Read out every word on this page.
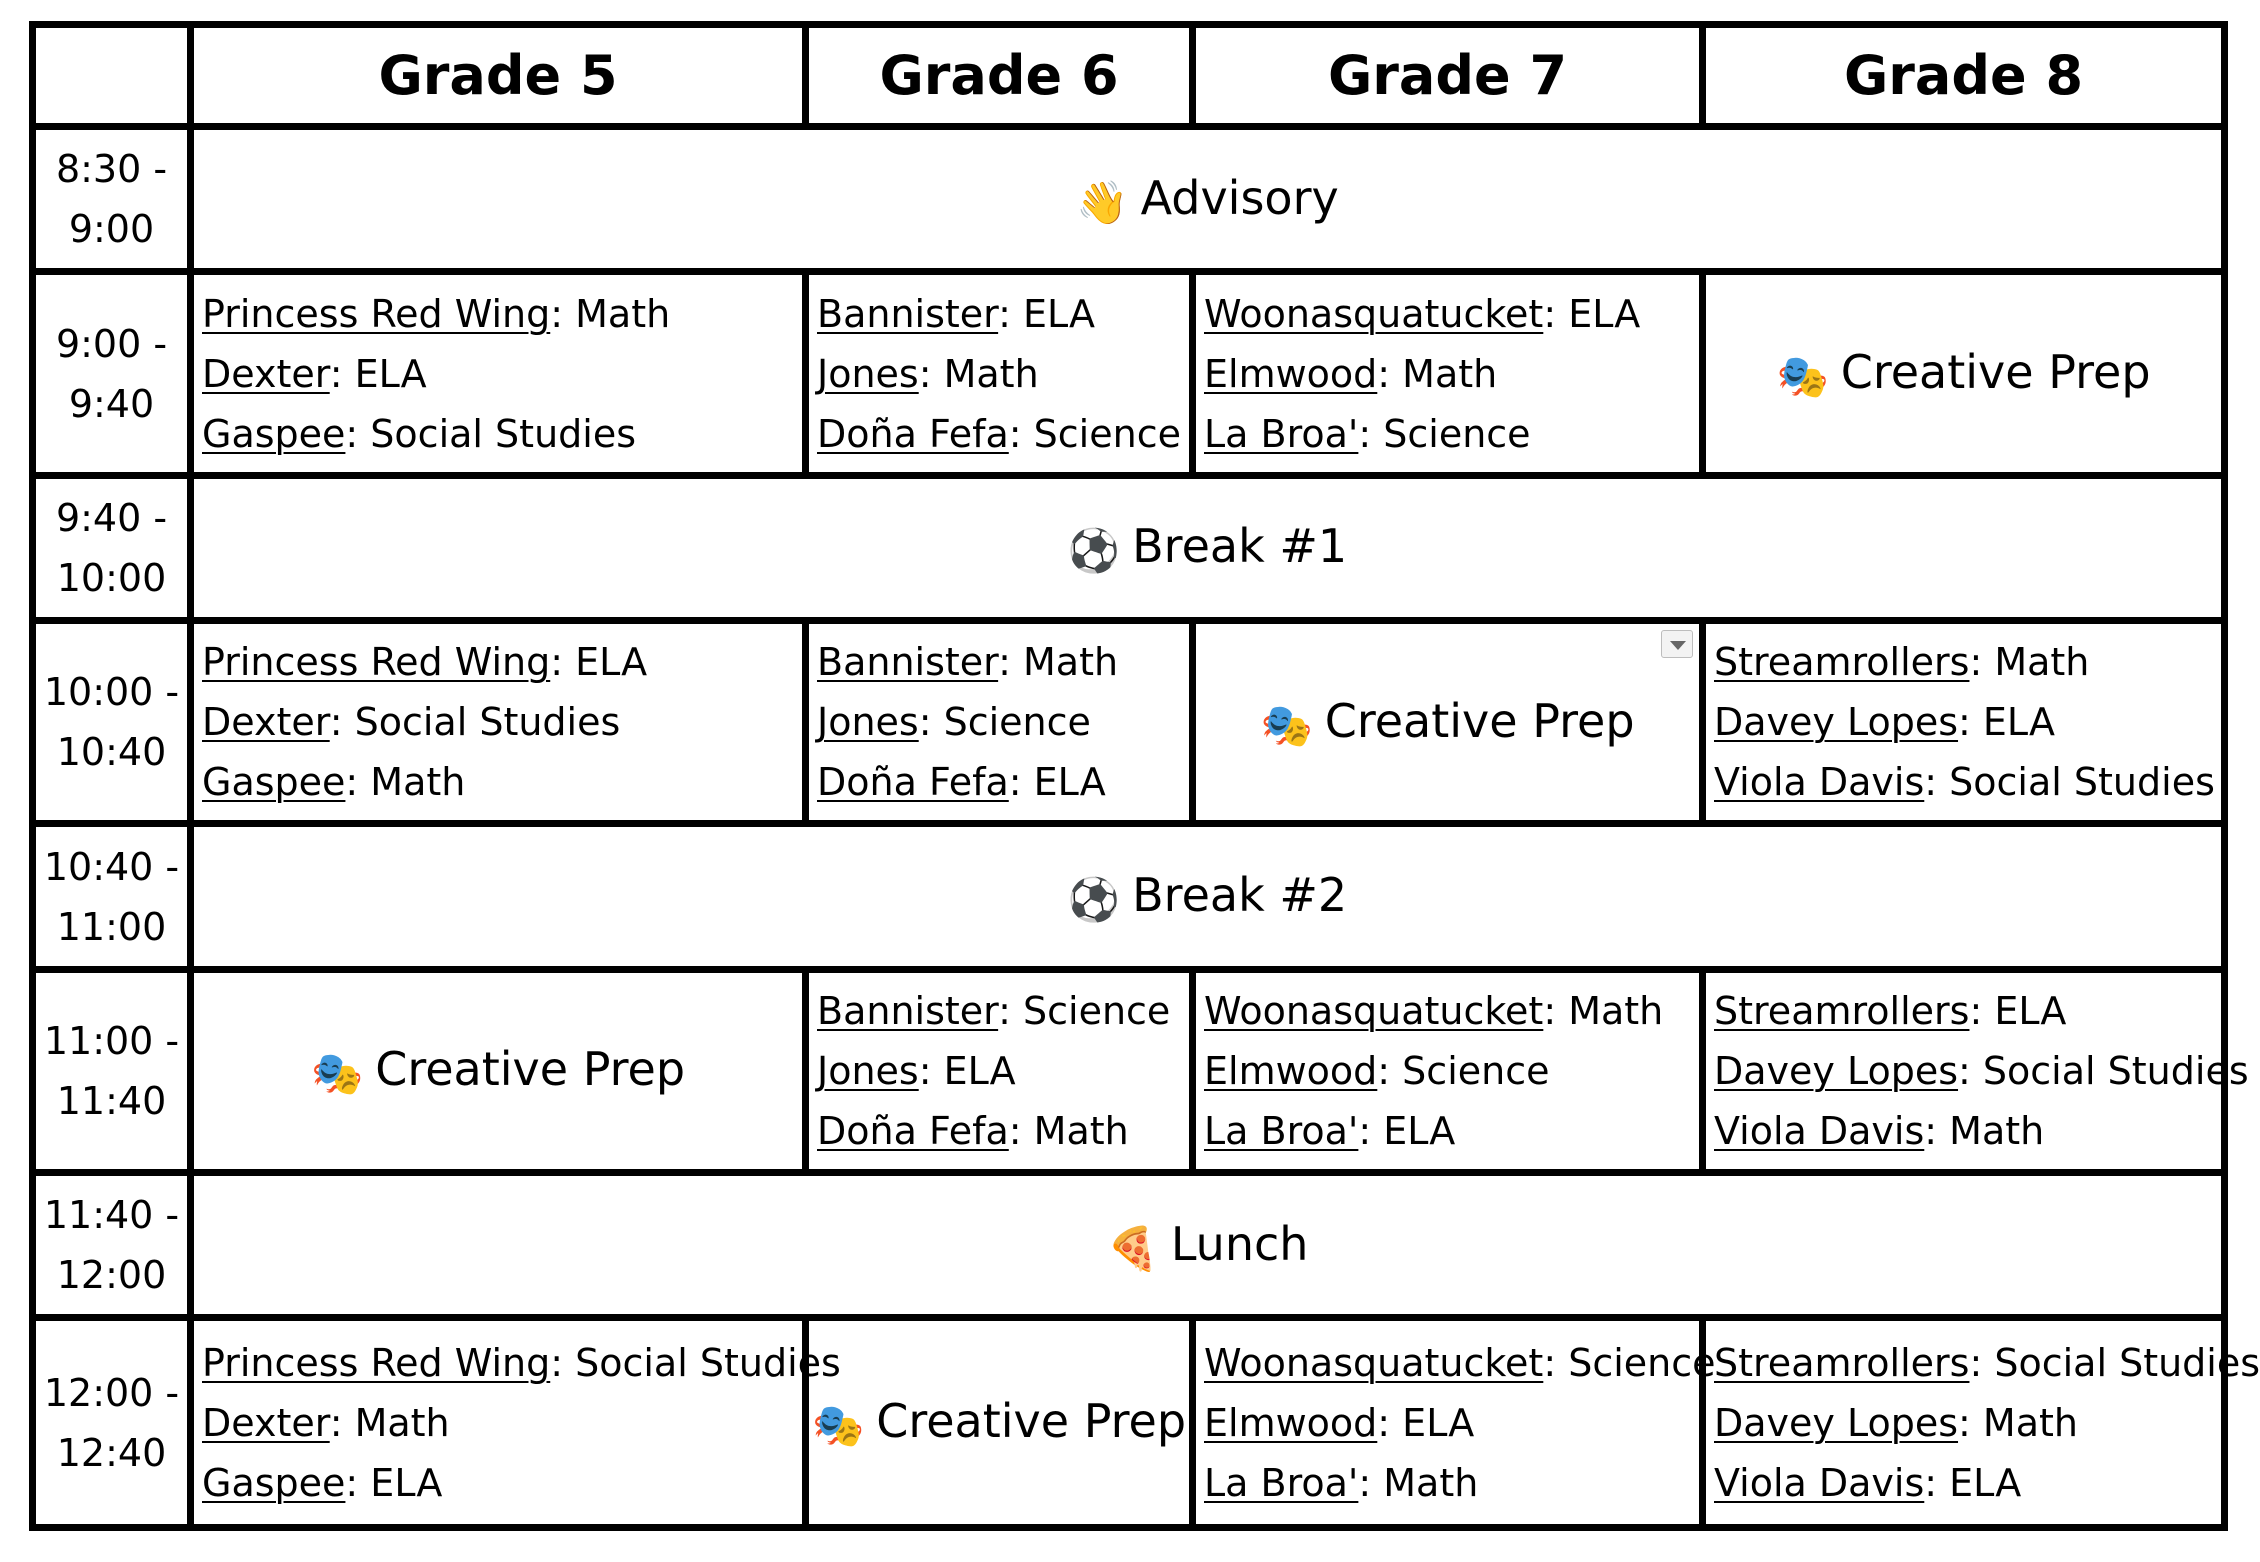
	Grade 5	Grade 6	Grade 7	Grade 8

8:30 -
9:00	👋 Advisory			

9:00 -
9:40	Princess Red Wing: Math
Dexter: ELA
Gaspee: Social Studies	Bannister: ELA
Jones: Math
Doña Fefa: Science	Woonasquatucket: ELA
Elmwood: Math
La Broa': Science	🎭 Creative Prep

9:40 -
10:00	⚽ Break #1			

10:00 -
10:40	Princess Red Wing: ELA
Dexter: Social Studies
Gaspee: Math	Bannister: Math
Jones: Science
Doña Fefa: ELA	🎭 Creative Prep	Streamrollers: Math
Davey Lopes: ELA
Viola Davis: Social Studies

10:40 -
11:00	⚽ Break #2			

11:00 -
11:40	🎭 Creative Prep	Bannister: Science
Jones: ELA
Doña Fefa: Math	Woonasquatucket: Math
Elmwood: Science
La Broa': ELA	Streamrollers: ELA
Davey Lopes: Social Studies
Viola Davis: Math

11:40 -
12:00	🍕 Lunch			

12:00 -
12:40	Princess Red Wing: Social Studies
Dexter: Math
Gaspee: ELA	🎭 Creative Prep	Woonasquatucket: Science
Elmwood: ELA
La Broa': Math	Streamrollers: Social Studies
Davey Lopes: Math
Viola Davis: ELA
